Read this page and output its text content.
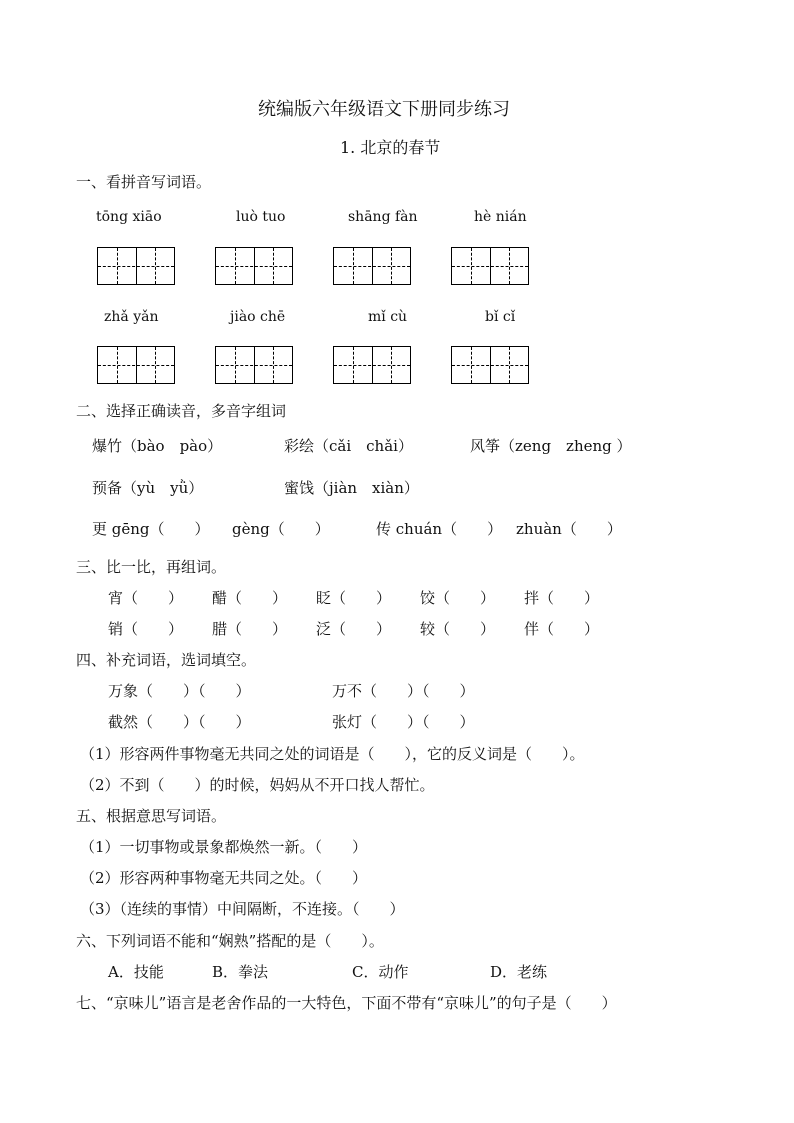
统编版六年级语文下册同步练习
1. 北京的春节
一、看拼音写词语。
tōng xiāo	luò tuo	shāng fàn	hè nián
zhǎ yǎn	jiào chē	mǐ cù	bǐ cǐ
二、选择正确读音，多音字组词
爆竹（bào　pào）	彩绘（cǎi　chǎi）	风筝（zeng　zheng ）
预备（yù　yǜ）	蜜饯（jiàn　xiàn）
更 gēng（　　） gèng（　　）	传 chuán（　　） zhuàn（　　）
三、比一比，再组词。
宵（　　） 醋（　　） 眨（　　） 饺（　　） 拌（　　）
销（　　） 腊（　　） 泛（　　） 较（　　） 伴（　　）
四、补充词语，选词填空。
万象（　　）（　　）	万不（　　）（　　）
截然（　　）（　　）	张灯（　　）（　　）
（1）形容两件事物毫无共同之处的词语是（　　），它的反义词是（　　）。
（2）不到（　　）的时候，妈妈从不开口找人帮忙。
五、根据意思写词语。
（1）一切事物或景象都焕然一新。（　　）
（2）形容两种事物毫无共同之处。（　　）
（3）（连续的事情）中间隔断，不连接。（　　）
六、下列词语不能和“娴熟”搭配的是（　　）。
A．技能	B．拳法	C．动作	D．老练
七、“京味儿”语言是老舍作品的一大特色，下面不带有“京味儿”的句子是（　　）
